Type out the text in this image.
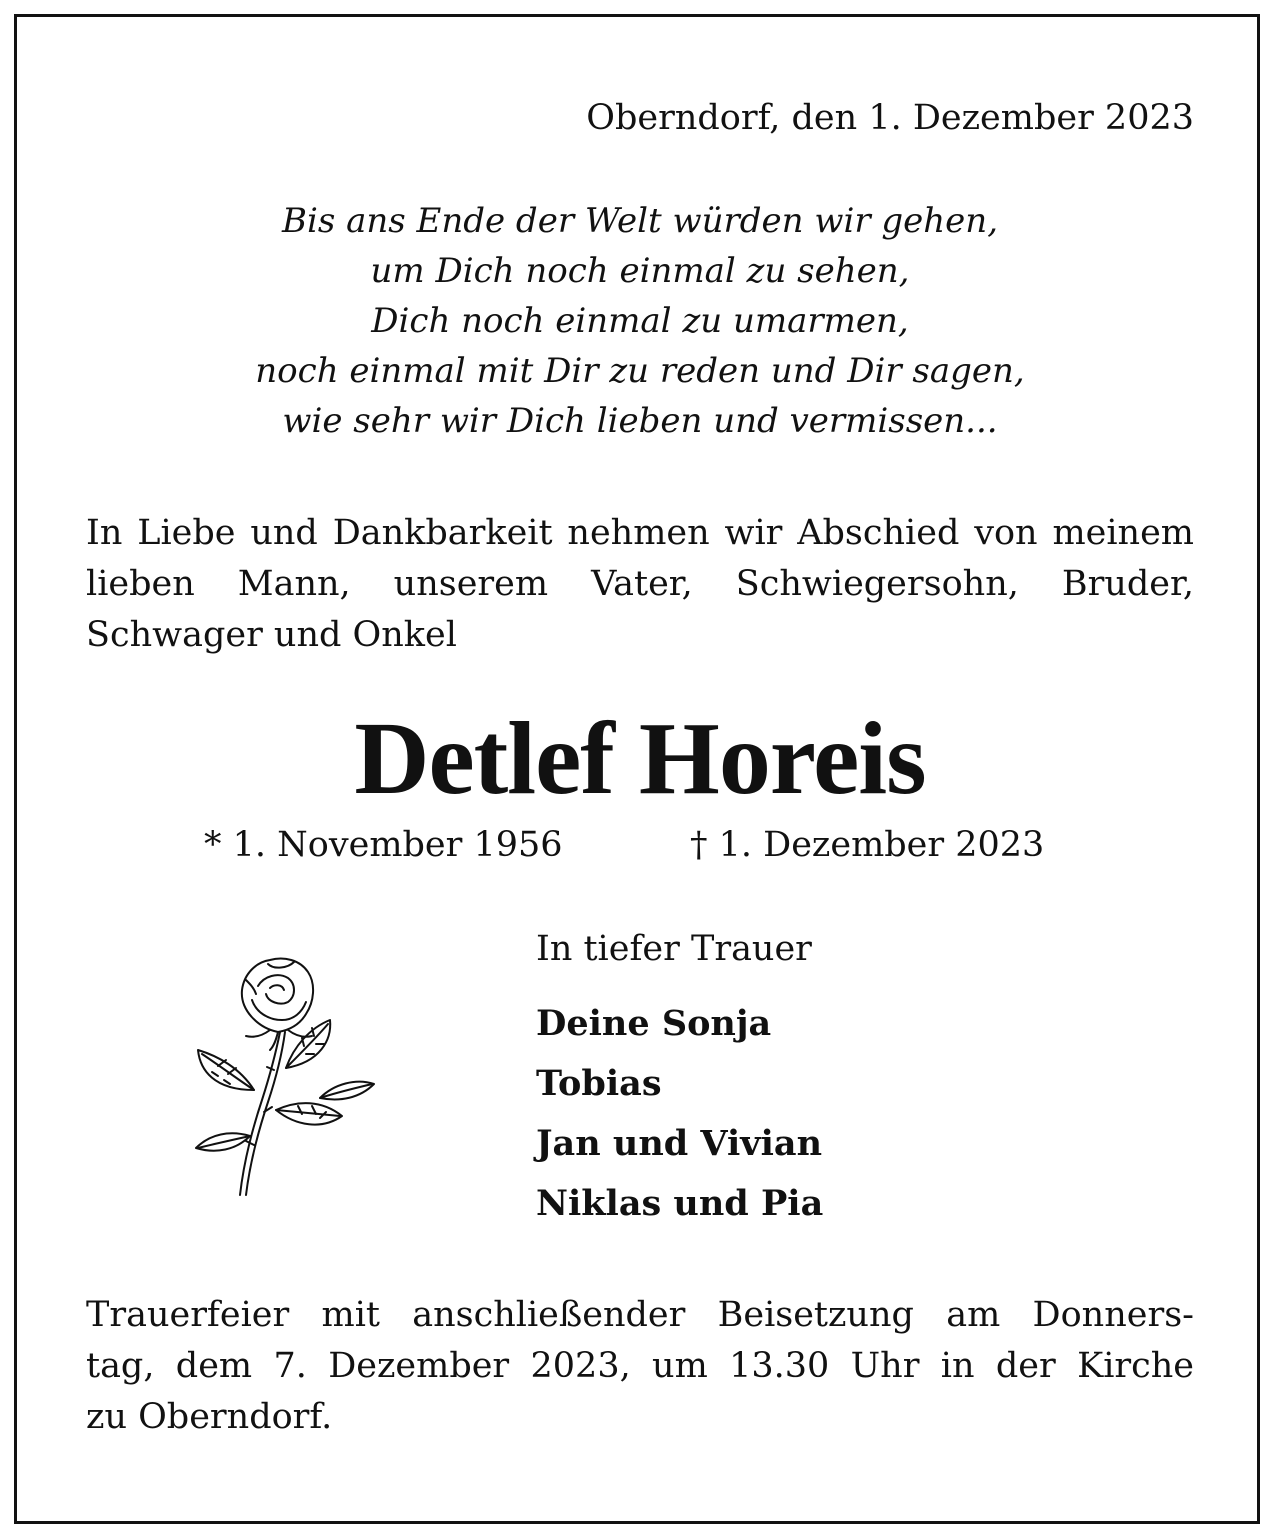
Oberndorf, den 1. Dezember 2023
Bis ans Ende der Welt würden wir gehen,
um Dich noch einmal zu sehen,
Dich noch einmal zu umarmen,
noch einmal mit Dir zu reden und Dir sagen,
wie sehr wir Dich lieben und vermissen...
In Liebe und Dankbarkeit nehmen wir Abschied von meinem lieben Mann, unserem Vater, Schwiegersohn, Bruder, Schwager und Onkel
Detlef Horeis
* 1. November 1956	† 1. Dezember 2023
In tiefer Trauer
Deine Sonja
Tobias
Jan und Vivian
Niklas und Pia
Trauerfeier mit anschließender Beisetzung am Donners-
tag, dem 7. Dezember 2023, um 13.30 Uhr in der Kirche
zu Oberndorf.
